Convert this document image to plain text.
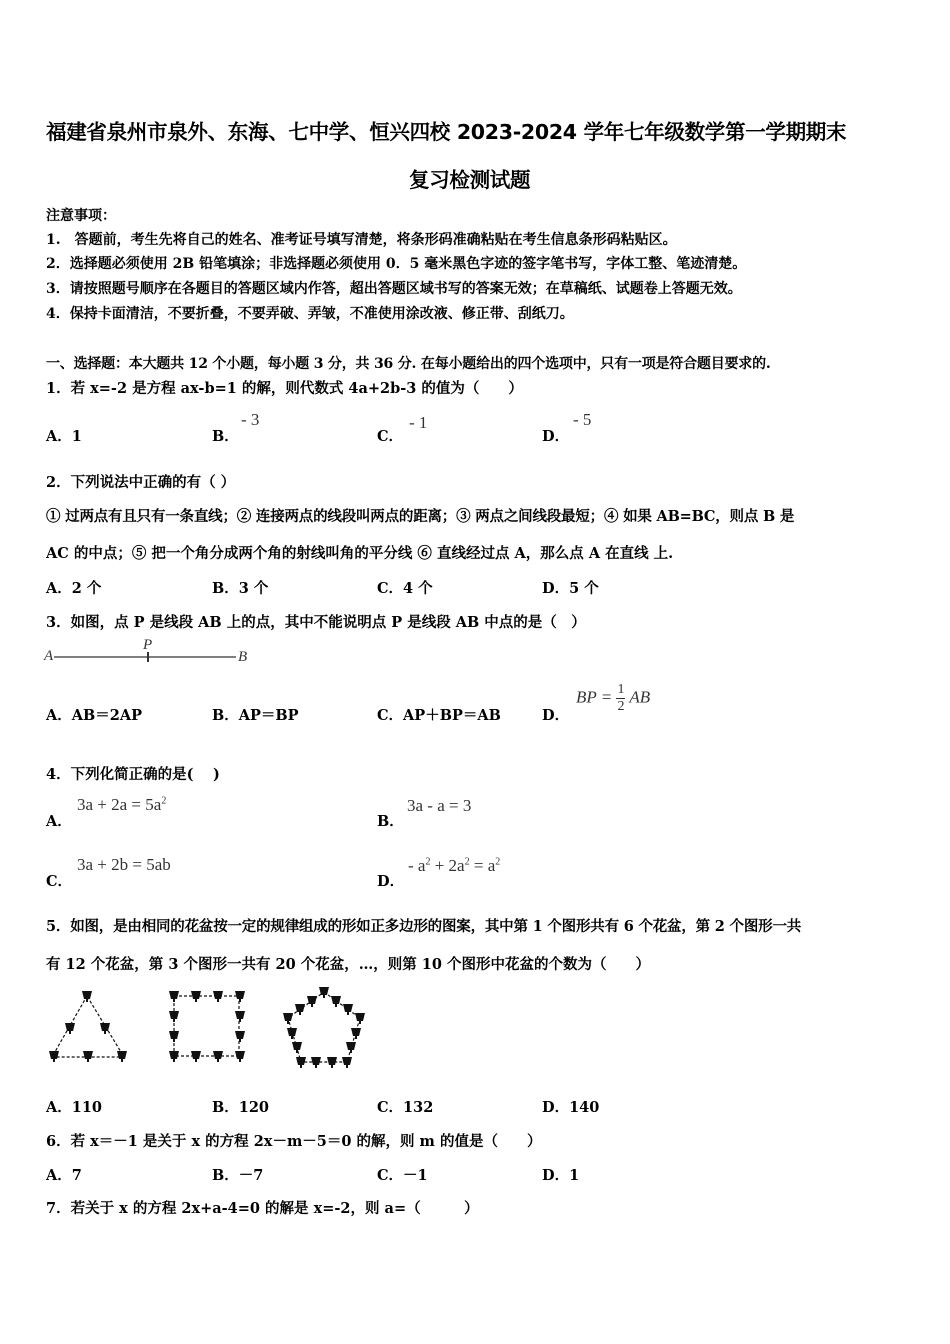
福建省泉州市泉外、东海、七中学、恒兴四校 2023-2024 学年七年级数学第一学期期末
复习检测试题
注意事项：
1.　答题前，考生先将自己的姓名、准考证号填写清楚，将条形码准确粘贴在考生信息条形码粘贴区。
2．选择题必须使用 2B 铅笔填涂；非选择题必须使用 0．5 毫米黑色字迹的签字笔书写，字体工整、笔迹清楚。
3．请按照题号顺序在各题目的答题区域内作答，超出答题区域书写的答案无效；在草稿纸、试题卷上答题无效。
4．保持卡面清洁，不要折叠，不要弄破、弄皱，不准使用涂改液、修正带、刮纸刀。
一、选择题：本大题共 12 个小题，每小题 3 分，共 36 分. 在每小题给出的四个选项中，只有一项是符合题目要求的.
1．若 x=-2 是方程 ax-b=1 的解，则代数式 4a+2b-3 的值为（　　）
A．1	B．
- 3
C．
- 1
D．
- 5
2．下列说法中正确的有（ ）
① 过两点有且只有一条直线；② 连接两点的线段叫两点的距离；③ 两点之间线段最短；④ 如果 AB=BC，则点 B 是
AC 的中点；⑤ 把一个角分成两个角的射线叫角的平分线 ⑥ 直线经过点 A，那么点 A 在直线 上.
A．2 个	B．3 个	C．4 个	D．5 个
3．如图，点 P 是线段 AB 上的点，其中不能说明点 P 是线段 AB 中点的是（　）
A
P
B
A．AB＝2AP	B．AP＝BP	C．AP＋BP＝AB	D．
BP = $\frac{1}{2}$ AB
4．下列化简正确的是(　 )
A．
$3a + 2a = 5a^2$
B．
3a - a = 3
C．
3a + 2b = 5ab
D．
- $a^2 + 2a^2 = a^2$
5．如图，是由相同的花盆按一定的规律组成的形如正多边形的图案，其中第 1 个图形共有 6 个花盆，第 2 个图形一共
有 12 个花盆，第 3 个图形一共有 20 个花盆，…，则第 10 个图形中花盆的个数为（　　）
A．110	B．120	C．132	D．140
6．若 x＝－1 是关于 x 的方程 2x－m－5＝0 的解，则 m 的值是（　　）
A．7	B．－7	C．－1	D．1
7．若关于 x 的方程 2x+a-4=0 的解是 x=-2，则 a=（　　　）
